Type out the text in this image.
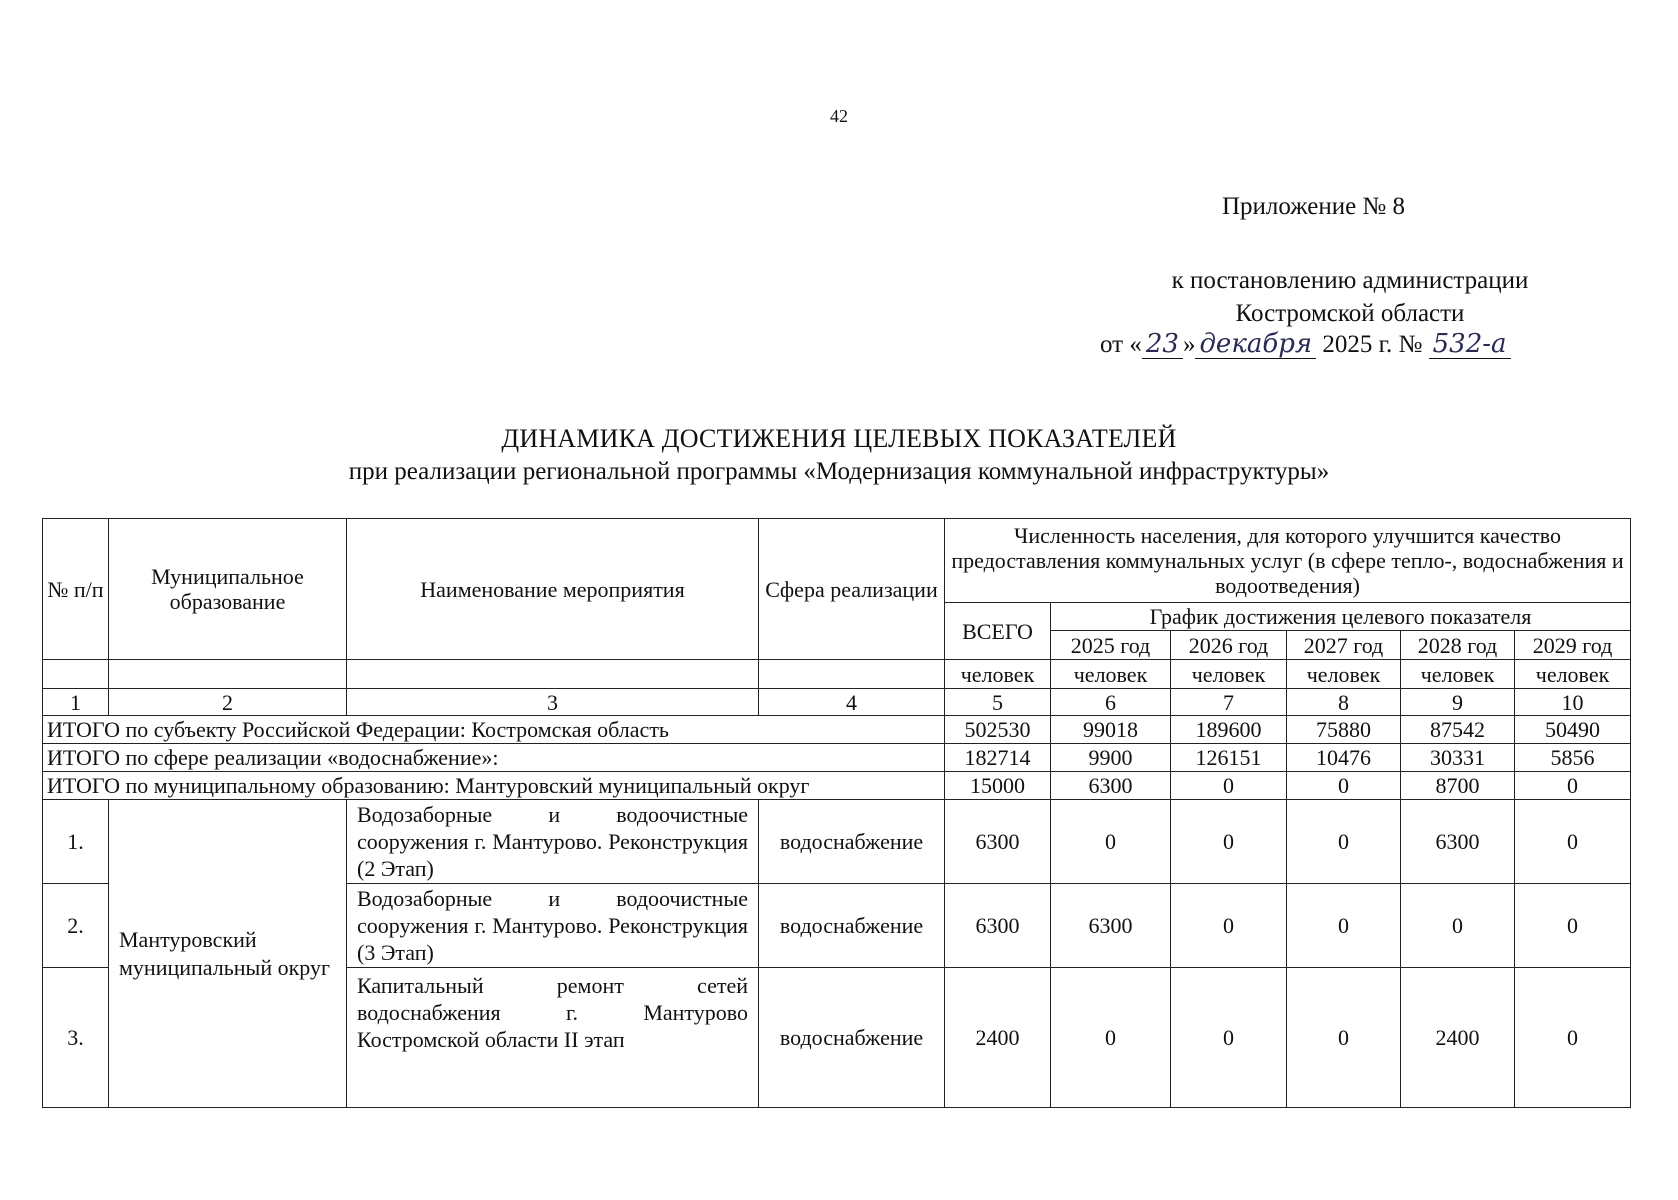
42
Приложение № 8
к постановлению администрации
Костромской области
от « 23 » декабря 2025 г. № 532-а
ДИНАМИКА ДОСТИЖЕНИЯ ЦЕЛЕВЫХ ПОКАЗАТЕЛЕЙ
при реализации региональной программы «Модернизация коммунальной инфраструктуры»
№ п/п	Муниципальное образование	Наименование мероприятия	Сфера реализации	Численность населения, для которого улучшится качество предоставления коммунальных услуг (в сфере тепло-, водоснабжения и водоотведения)					
				ВСЕГО	График достижения целевого показателя				
					2025 год	2026 год	2027 год	2028 год	2029 год
				человек	человек	человек	человек	человек	человек
1	2	3	4	5	6	7	8	9	10
ИТОГО по субъекту Российской Федерации: Костромская область				502530	99018	189600	75880	87542	50490
ИТОГО по сфере реализации «водоснабжение»:				182714	9900	126151	10476	30331	5856
ИТОГО по муниципальному образованию: Мантуровский муниципальный округ				15000	6300	0	0	8700	0
1.	Мантуровский муниципальный округ	Водозаборные и водоочистные сооружения г. Мантурово. Реконструкция (2 Этап)	водоснабжение	6300	0	0	0	6300	0
2.		Водозаборные и водоочистные сооружения г. Мантурово. Реконструкция (3 Этап)	водоснабжение	6300	6300	0	0	0	0
3.		Капитальный ремонт сетей водоснабжения г. Мантурово Костромской области II этап	водоснабжение	2400	0	0	0	2400	0
